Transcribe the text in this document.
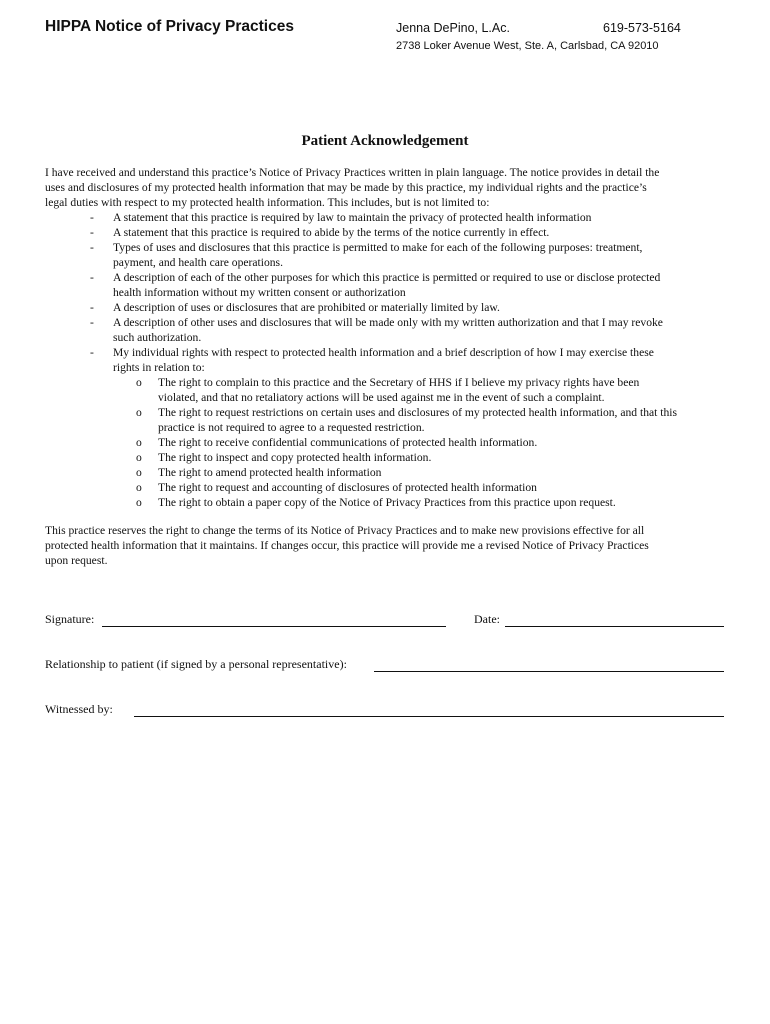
HIPPA Notice of Privacy Practices	Jenna DePino, L.Ac.	619-573-5164
2738 Loker Avenue West, Ste. A, Carlsbad, CA 92010
Patient Acknowledgement
I have received and understand this practice’s Notice of Privacy Practices written in plain language. The notice provides in detail the
uses and disclosures of my protected health information that may be made by this practice, my individual rights and the practice’s
legal duties with respect to my protected health information. This includes, but is not limited to:
- A statement that this practice is required by law to maintain the privacy of protected health information
- A statement that this practice is required to abide by the terms of the notice currently in effect.
- Types of uses and disclosures that this practice is permitted to make for each of the following purposes: treatment,
payment, and health care operations.
- A description of each of the other purposes for which this practice is permitted or required to use or disclose protected
health information without my written consent or authorization
- A description of uses or disclosures that are prohibited or materially limited by law.
- A description of other uses and disclosures that will be made only with my written authorization and that I may revoke
such authorization.
- My individual rights with respect to protected health information and a brief description of how I may exercise these
rights in relation to:
o The right to complain to this practice and the Secretary of HHS if I believe my privacy rights have been
violated, and that no retaliatory actions will be used against me in the event of such a complaint.
o The right to request restrictions on certain uses and disclosures of my protected health information, and that this
practice is not required to agree to a requested restriction.
o The right to receive confidential communications of protected health information.
o The right to inspect and copy protected health information.
o The right to amend protected health information
o The right to request and accounting of disclosures of protected health information
o The right to obtain a paper copy of the Notice of Privacy Practices from this practice upon request.
This practice reserves the right to change the terms of its Notice of Privacy Practices and to make new provisions effective for all
protected health information that it maintains. If changes occur, this practice will provide me a revised Notice of Privacy Practices
upon request.
Signature:	Date:
Relationship to patient (if signed by a personal representative):
Witnessed by:
